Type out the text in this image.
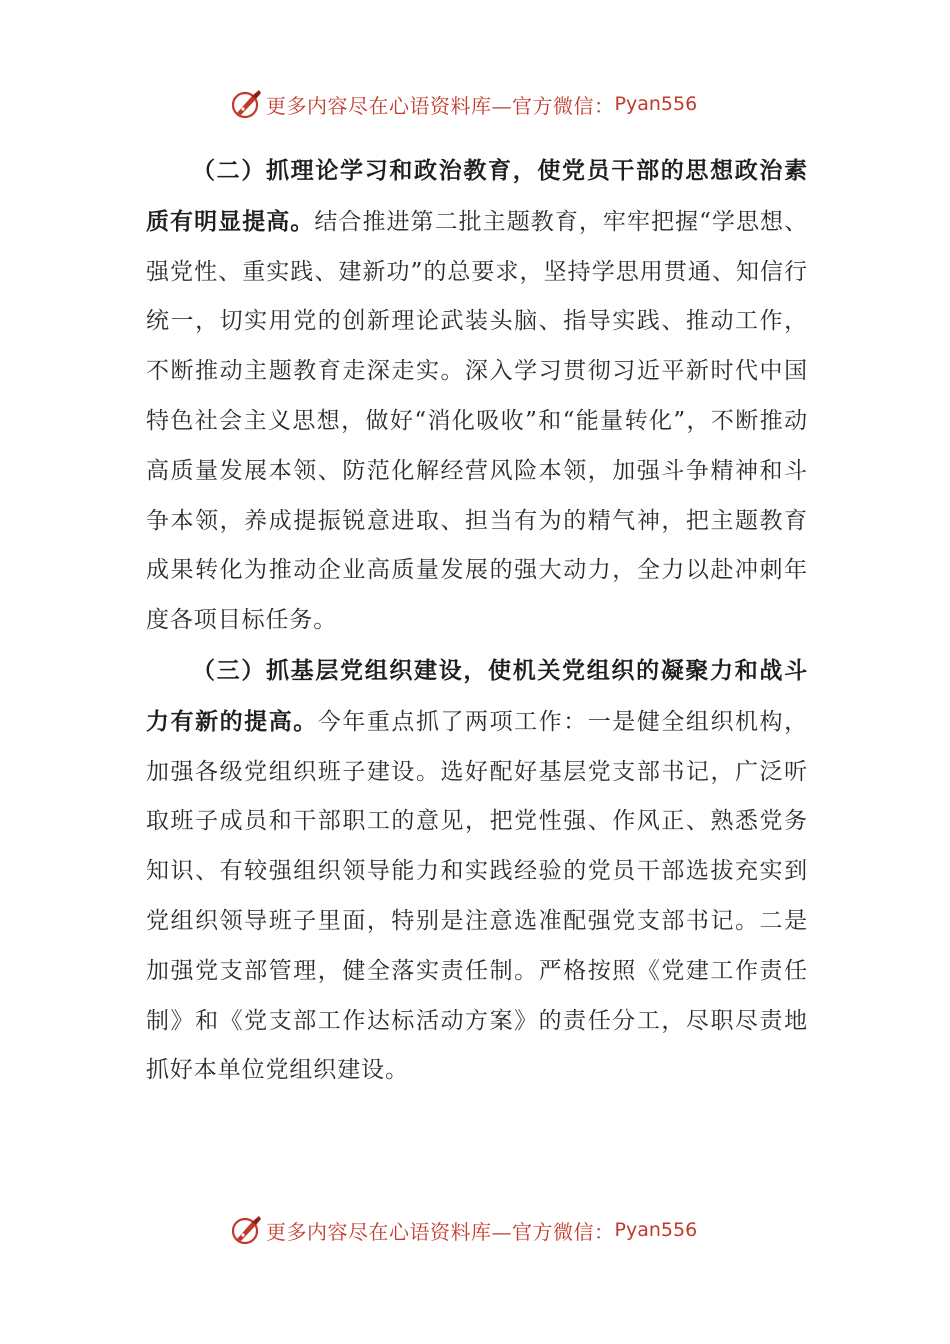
更多内容尽在心语资料库—官方微信： Pyan556

（二）抓理论学习和政治教育，使党员干部的思想政治素质有明显提高。结合推进第二批主题教育，牢牢把握“学思想、强党性、重实践、建新功”的总要求，坚持学思用贯通、知信行统一，切实用党的创新理论武装头脑、指导实践、推动工作，不断推动主题教育走深走实。深入学习贯彻习近平新时代中国特色社会主义思想，做好“消化吸收”和“能量转化”，不断推动高质量发展本领、防范化解经营风险本领，加强斗争精神和斗争本领，养成提振锐意进取、担当有为的精气神，把主题教育成果转化为推动企业高质量发展的强大动力，全力以赴冲刺年度各项目标任务。

（三）抓基层党组织建设，使机关党组织的凝聚力和战斗力有新的提高。今年重点抓了两项工作：一是健全组织机构，加强各级党组织班子建设。选好配好基层党支部书记，广泛听取班子成员和干部职工的意见，把党性强、作风正、熟悉党务知识、有较强组织领导能力和实践经验的党员干部选拔充实到党组织领导班子里面，特别是注意选准配强党支部书记。二是加强党支部管理，健全落实责任制。严格按照《党建工作责任制》和《党支部工作达标活动方案》的责任分工，尽职尽责地抓好本单位党组织建设。

更多内容尽在心语资料库—官方微信： Pyan556
